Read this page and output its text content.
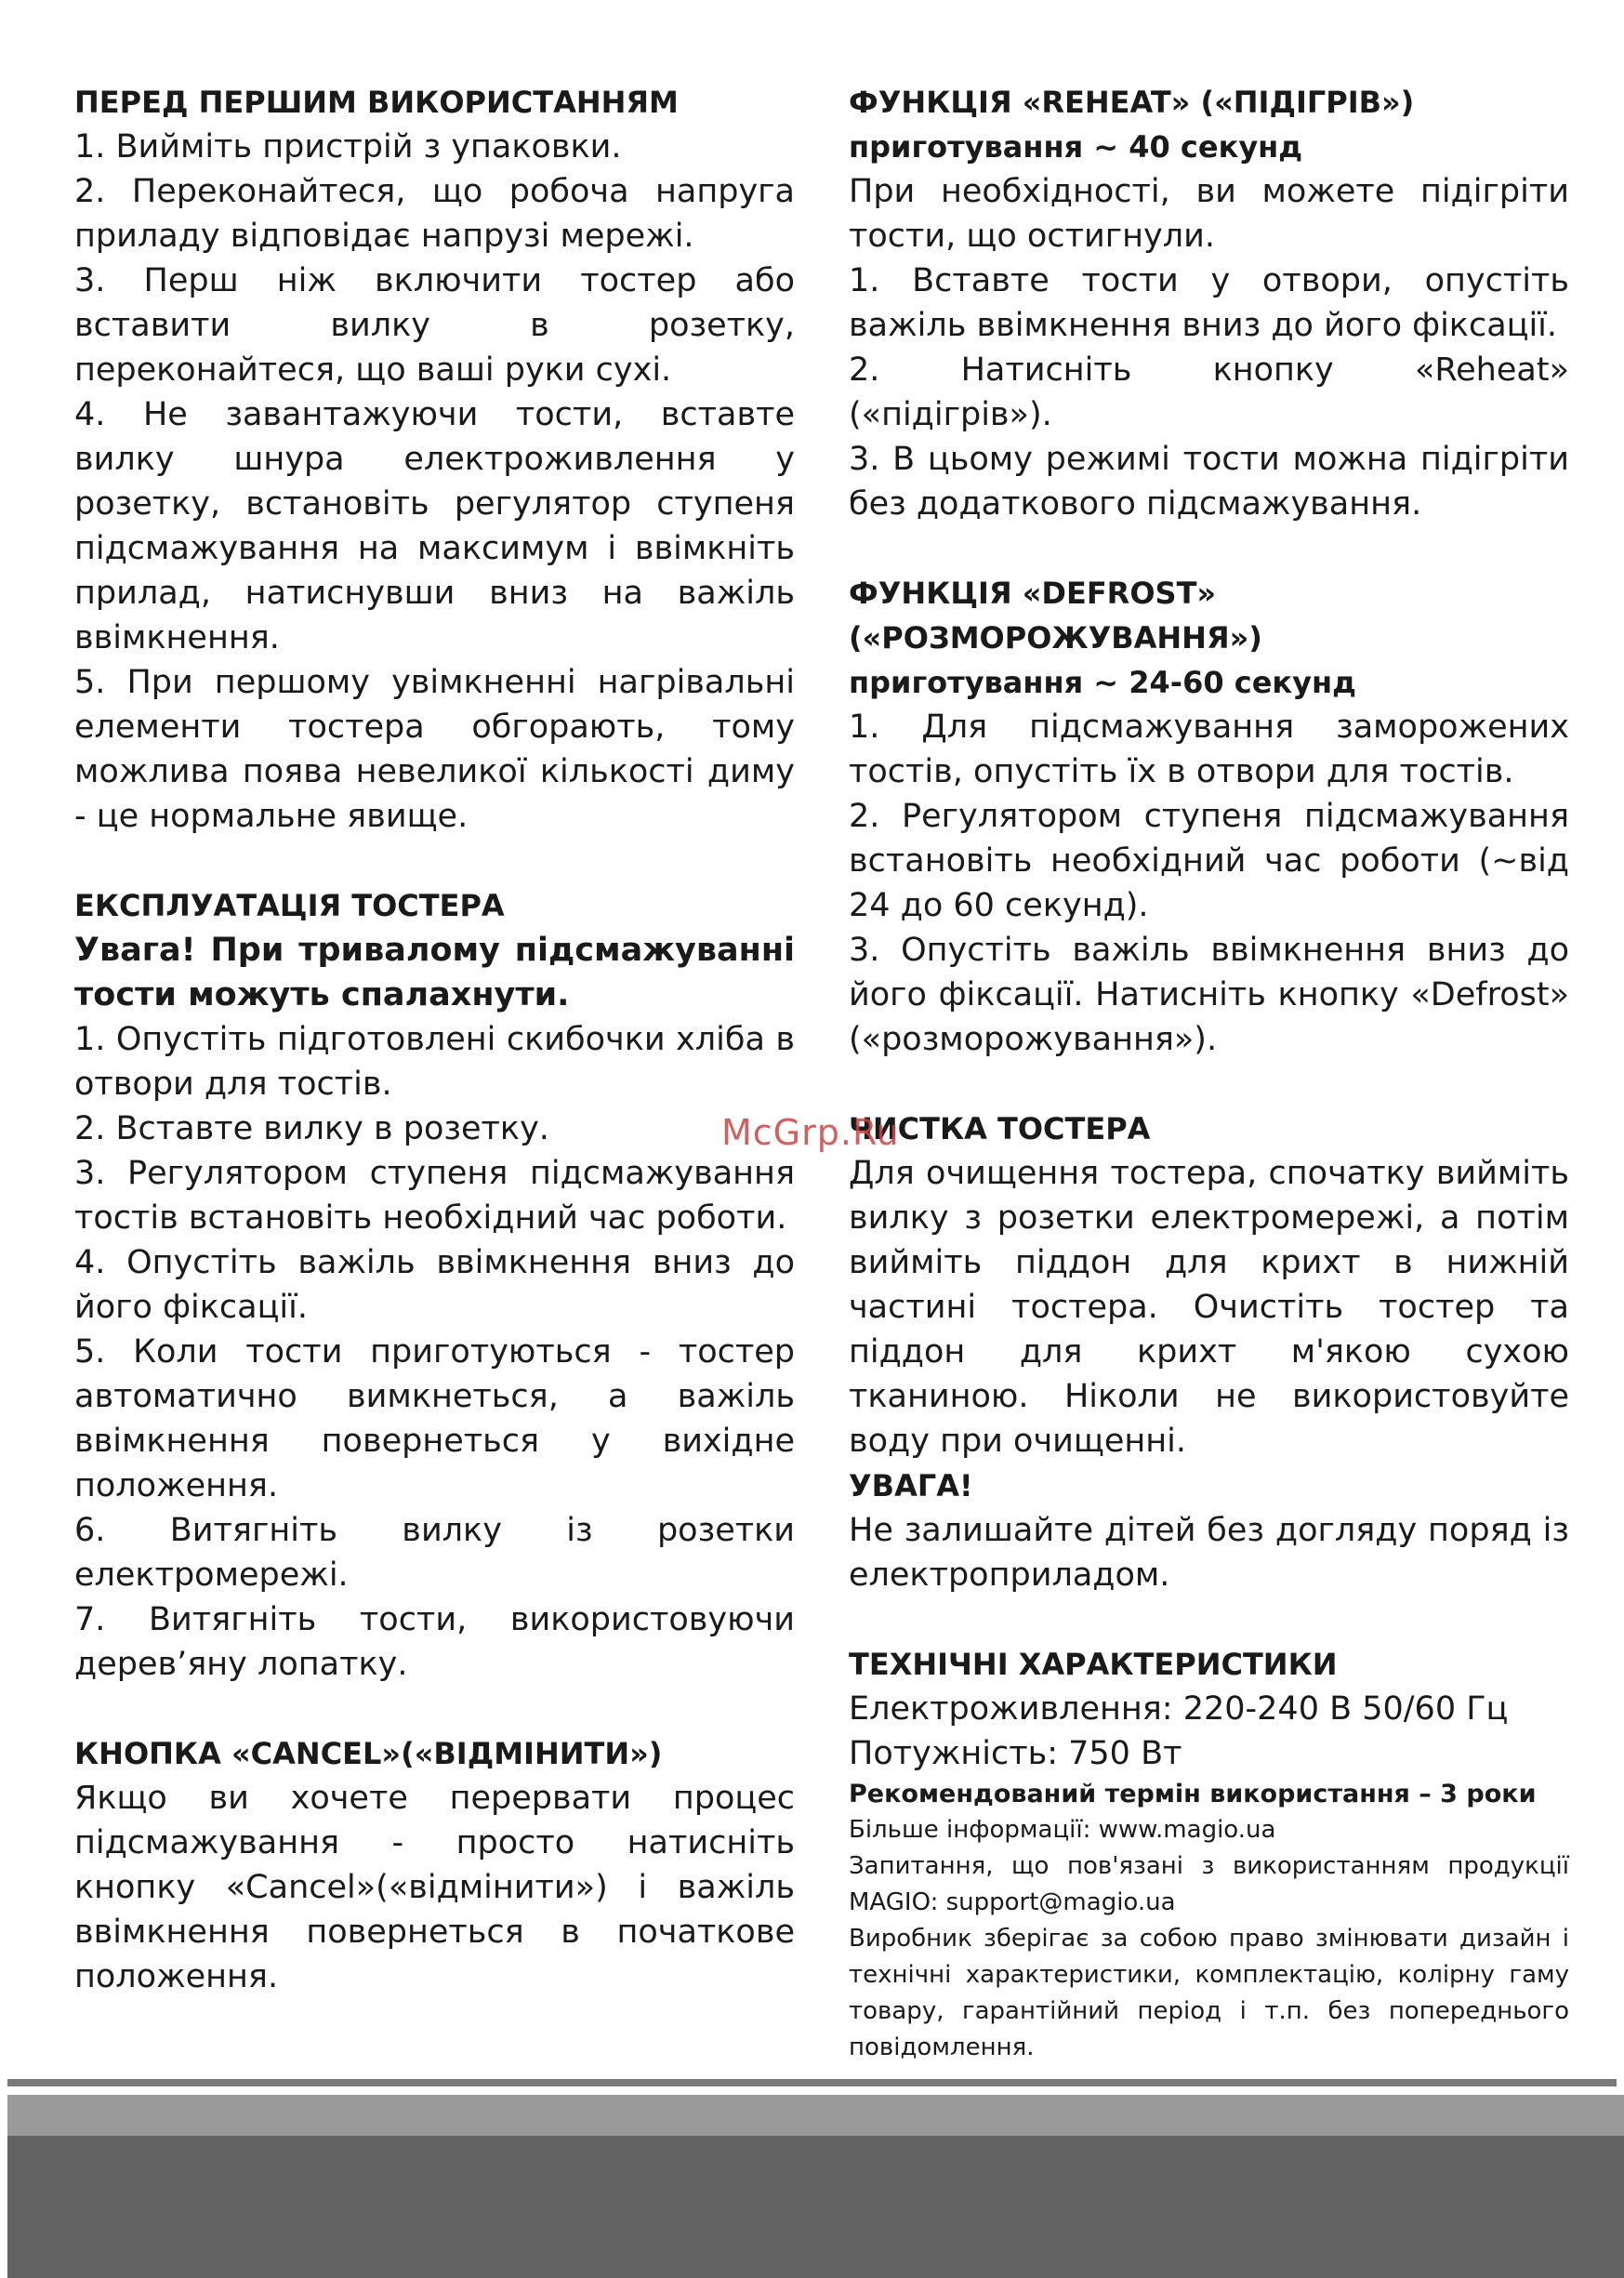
ПЕРЕД ПЕРШИМ ВИКОРИСТАННЯМ

1. Вийміть пристрій з упаковки.

2. Переконайтеся, що робоча напруга приладу відповідає напрузі мережі.

3. Перш ніж включити тостер або вставити вилку в розетку, переконайтеся, що ваші руки сухі.

4. Не завантажуючи тости, вставте вилку шнура електроживлення у розетку, встановіть регулятор ступеня підсмажування на максимум і ввімкніть прилад, натиснувши вниз на важіль ввімкнення.

5. При першому увімкненні нагрівальні елементи тостера обгорають, тому можлива поява невеликої кількості диму - це нормальне явище.

ЕКСПЛУАТАЦІЯ ТОСТЕРА

Увага! При тривалому підсмажуванні тости можуть спалахнути.

1. Опустіть підготовлені скибочки хліба в отвори для тостів.

2. Вставте вилку в розетку.

3. Регулятором ступеня підсмажування тостів встановіть необхідний час роботи.

4. Опустіть важіль ввімкнення вниз до його фіксації.

5. Коли тости приготуються - тостер автоматично вимкнеться, а важіль ввімкнення повернеться у вихідне положення.

6. Витягніть вилку із розетки електромережі.

7. Витягніть тости, використовуючи дерев’яну лопатку.

КНОПКА «CANCEL»(«ВІДМІНИТИ»)

Якщо ви хочете перервати процес підсмажування - просто натисніть кнопку «Cancel»(«відмінити») і важіль ввімкнення повернеться в початкове положення.

ФУНКЦІЯ «REHEAT» («ПІДІГРІВ»)

приготування ~ 40 секунд

При необхідності, ви можете підігріти тости, що остигнули.

1. Вставте тости у отвори, опустіть важіль ввімкнення вниз до його фіксації.

2. Натисніть кнопку «Reheat» («підігрів»).

3. В цьому режимі тости можна підігріти без додаткового підсмажування.

ФУНКЦІЯ «DEFROST» («РОЗМОРОЖУВАННЯ»)

приготування ~ 24-60 секунд

1. Для підсмажування заморожених тостів, опустіть їх в отвори для тостів.

2. Регулятором ступеня підсмажування встановіть необхідний час роботи (~від 24 до 60 секунд).

3. Опустіть важіль ввімкнення вниз до його фіксації. Натисніть кнопку «Defrost» («розморожування»).

ЧИСТКА ТОСТЕРА

Для очищення тостера, спочатку вийміть вилку з розетки електромережі, а потім вийміть піддон для крихт в нижній частині тостера. Очистіть тостер та піддон для крихт м'якою сухою тканиною. Ніколи не використовуйте воду при очищенні.

УВАГА!

Не залишайте дітей без догляду поряд із електроприладом.

ТЕХНІЧНІ ХАРАКТЕРИСТИКИ

Електроживлення: 220-240 В 50/60 Гц

Потужність: 750 Вт

Рекомендований термін використання – 3 роки

Більше інформації: www.magio.ua

Запитання, що пов'язані з використанням продукції MAGIO: support@magio.ua

Виробник зберігає за собою право змінювати дизайн і технічні характеристики, комплектацію, колірну гаму товару, гарантійний період і т.п. без попереднього повідомлення.

McGrp.Ru
